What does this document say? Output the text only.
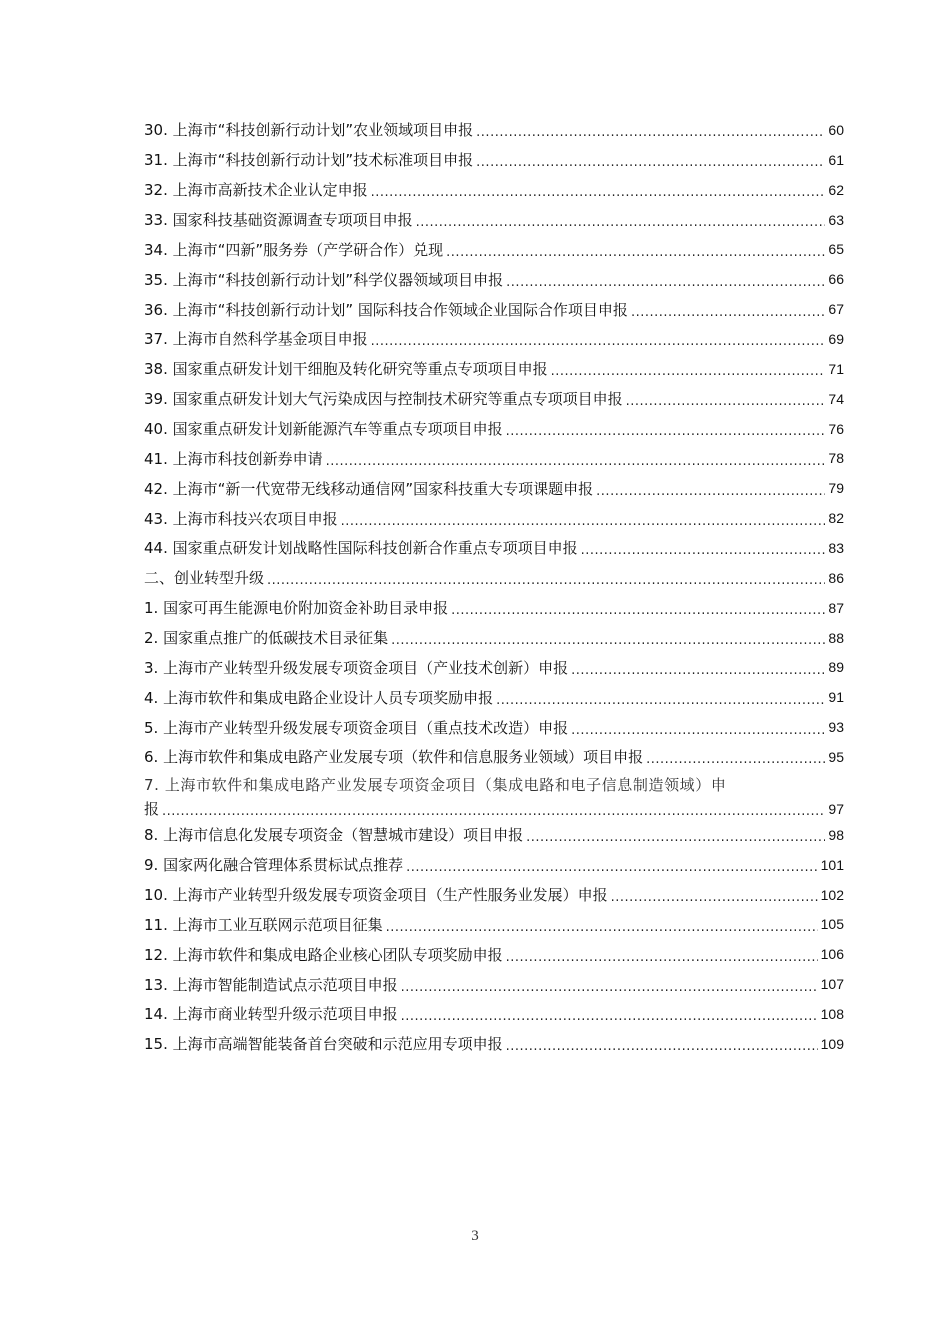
30. 上海市“科技创新行动计划”农业领域项目申报 .....	60
31. 上海市“科技创新行动计划”技术标准项目申报 .....	61
32. 上海市高新技术企业认定申报 .....	62
33. 国家科技基础资源调查专项项目申报 .....	63
34. 上海市“四新”服务券（产学研合作）兑现 .....	65
35. 上海市“科技创新行动计划”科学仪器领域项目申报 .....	66
36. 上海市“科技创新行动计划” 国际科技合作领域企业国际合作项目申报 .....	67
37. 上海市自然科学基金项目申报 .....	69
38. 国家重点研发计划干细胞及转化研究等重点专项项目申报 .....	71
39. 国家重点研发计划大气污染成因与控制技术研究等重点专项项目申报 .....	74
40. 国家重点研发计划新能源汽车等重点专项项目申报 .....	76
41. 上海市科技创新券申请 .....	78
42. 上海市“新一代宽带无线移动通信网”国家科技重大专项课题申报 .....	79
43. 上海市科技兴农项目申报 .....	82
44. 国家重点研发计划战略性国际科技创新合作重点专项项目申报 .....	83
二、创业转型升级 .....	86
1. 国家可再生能源电价附加资金补助目录申报 .....	87
2. 国家重点推广的低碳技术目录征集 .....	88
3. 上海市产业转型升级发展专项资金项目（产业技术创新）申报 .....	89
4. 上海市软件和集成电路企业设计人员专项奖励申报 .....	91
5. 上海市产业转型升级发展专项资金项目（重点技术改造）申报 .....	93
6. 上海市软件和集成电路产业发展专项（软件和信息服务业领域）项目申报 .....	95
7. 上海市软件和集成电路产业发展专项资金项目（集成电路和电子信息制造领域）申
报 .....	97
8. 上海市信息化发展专项资金（智慧城市建设）项目申报 .....	98
9. 国家两化融合管理体系贯标试点推荐 .....	101
10. 上海市产业转型升级发展专项资金项目（生产性服务业发展）申报 .....	102
11. 上海市工业互联网示范项目征集 .....	105
12. 上海市软件和集成电路企业核心团队专项奖励申报 .....	106
13. 上海市智能制造试点示范项目申报 .....	107
14. 上海市商业转型升级示范项目申报 .....	108
15. 上海市高端智能装备首台突破和示范应用专项申报 .....	109
3
